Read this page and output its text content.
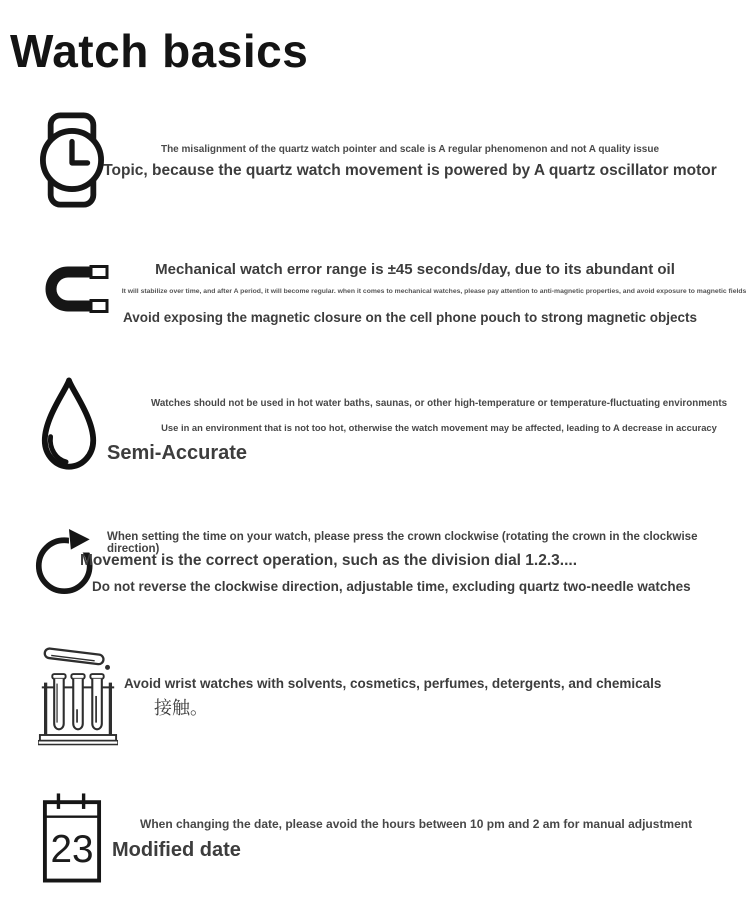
Watch basics
The misalignment of the quartz watch pointer and scale is A regular phenomenon and not A quality issue
Topic, because the quartz watch movement is powered by A quartz oscillator motor
Mechanical watch error range is ±45 seconds/day, due to its abundant oil
It will stabilize over time, and after A period, it will become regular. when it comes to mechanical watches, please pay attention to anti-magnetic properties, and avoid exposure to magnetic fields
Avoid exposing the magnetic closure on the cell phone pouch to strong magnetic objects
Watches should not be used in hot water baths, saunas, or other high-temperature or temperature-fluctuating environments
Use in an environment that is not too hot, otherwise the watch movement may be affected, leading to A decrease in accuracy
Semi-Accurate
When setting the time on your watch, please press the crown clockwise (rotating the crown in the clockwise direction)
Movement is the correct operation, such as the division dial 1.2.3....
Do not reverse the clockwise direction, adjustable time, excluding quartz two-needle watches
Avoid wrist watches with solvents, cosmetics, perfumes, detergents, and chemicals
接触。
23
When changing the date, please avoid the hours between 10 pm and 2 am for manual adjustment
Modified date
